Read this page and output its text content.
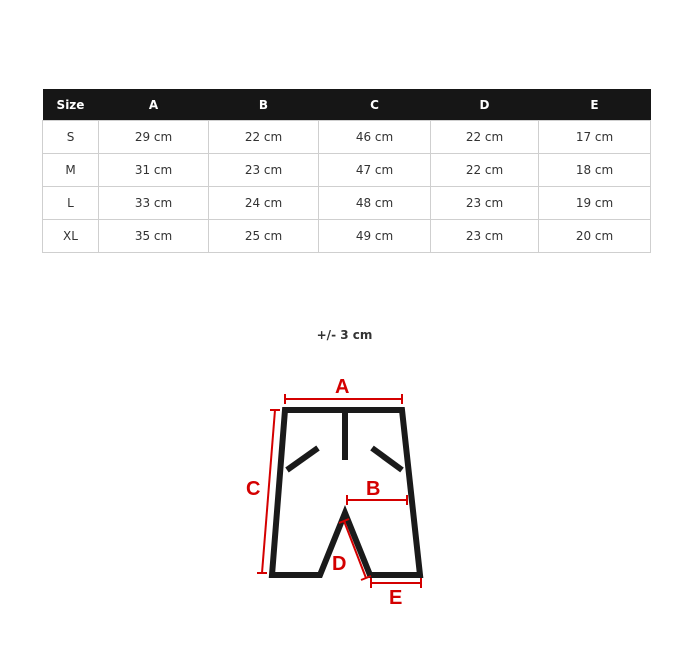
Size	A	B	C	D	E
S	29 cm	22 cm	46 cm	22 cm	17 cm
M	31 cm	23 cm	47 cm	22 cm	18 cm
L	33 cm	24 cm	48 cm	23 cm	19 cm
XL	35 cm	25 cm	49 cm	23 cm	20 cm
+/- 3 cm
A
B
C
D
E
